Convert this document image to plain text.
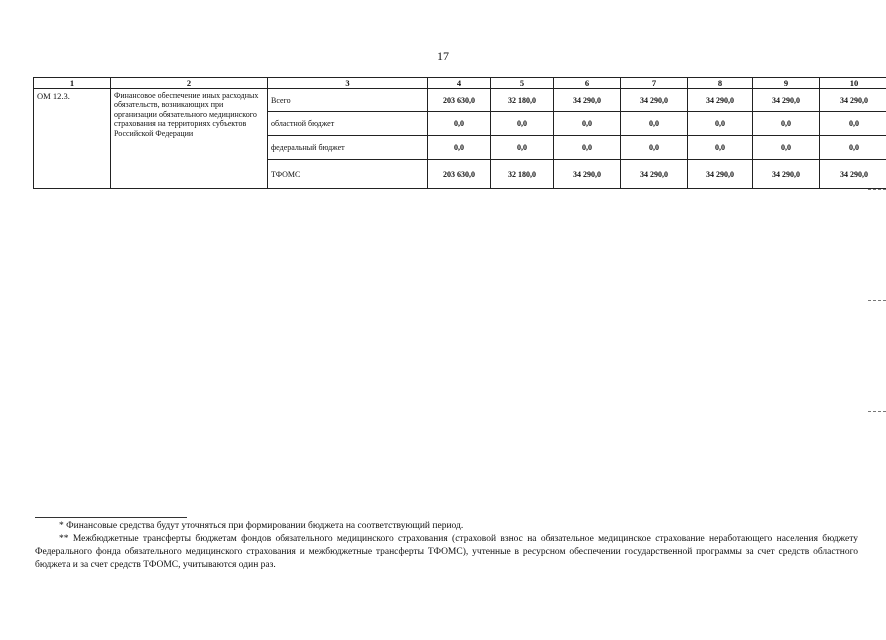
17
1	2	3	4	5	6	7	8	9	10
ОМ 12.3.	Финансовое обеспечение иных расходных обязательств, возникающих при организации обязательного медицинского страхования на территориях субъектов Российской Федерации	Всего	203 630,0	32 180,0	34 290,0	34 290,0	34 290,0	34 290,0	34 290,0
		областной бюджет	0,0	0,0	0,0	0,0	0,0	0,0	0,0
		федеральный бюджет	0,0	0,0	0,0	0,0	0,0	0,0	0,0
		ТФОМС	203 630,0	32 180,0	34 290,0	34 290,0	34 290,0	34 290,0	34 290,0

* Финансовые средства будут уточняться при формировании бюджета на соответствующий период.

** Межбюджетные трансферты бюджетам фондов обязательного медицинского страхования (страховой взнос на обязательное медицинское страхование неработающего населения бюджету Федерального фонда обязательного медицинского страхования и межбюджетные трансферты ТФОМС), учтенные в ресурсном обеспечении государственной программы за счет средств областного бюджета и за счет средств ТФОМС, учитываются один раз.
